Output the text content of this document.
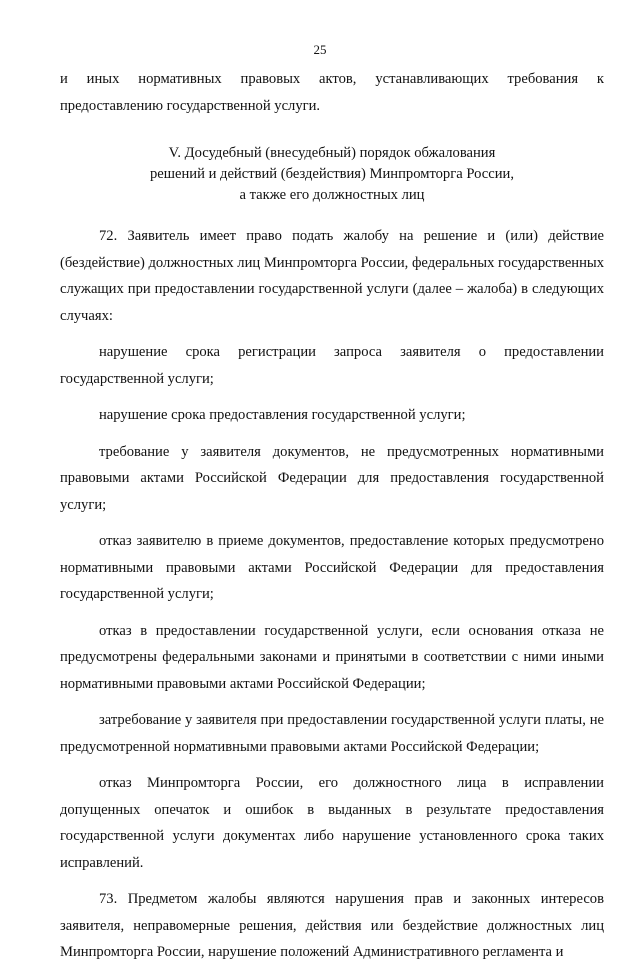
25

и иных нормативных правовых актов, устанавливающих требования к предоставлению государственной услуги.

V. Досудебный (внесудебный) порядок обжалования
решений и действий (бездействия) Минпромторга России,
а также его должностных лиц

72. Заявитель имеет право подать жалобу на решение и (или) действие (бездействие) должностных лиц Минпромторга России, федеральных государственных служащих при предоставлении государственной услуги (далее – жалоба) в следующих случаях:

нарушение срока регистрации запроса заявителя о предоставлении государственной услуги;

нарушение срока предоставления государственной услуги;

требование у заявителя документов, не предусмотренных нормативными правовыми актами Российской Федерации для предоставления государственной услуги;

отказ заявителю в приеме документов, предоставление которых предусмотрено нормативными правовыми актами Российской Федерации для предоставления государственной услуги;

отказ в предоставлении государственной услуги, если основания отказа не предусмотрены федеральными законами и принятыми в соответствии с ними иными нормативными правовыми актами Российской Федерации;

затребование у заявителя при предоставлении государственной услуги платы, не предусмотренной нормативными правовыми актами Российской Федерации;

отказ Минпромторга России, его должностного лица в исправлении допущенных опечаток и ошибок в выданных в результате предоставления государственной услуги документах либо нарушение установленного срока таких исправлений.

73. Предметом жалобы являются нарушения прав и законных интересов заявителя, неправомерные решения, действия или бездействие должностных лиц Минпромторга России, нарушение положений Административного регламента и
